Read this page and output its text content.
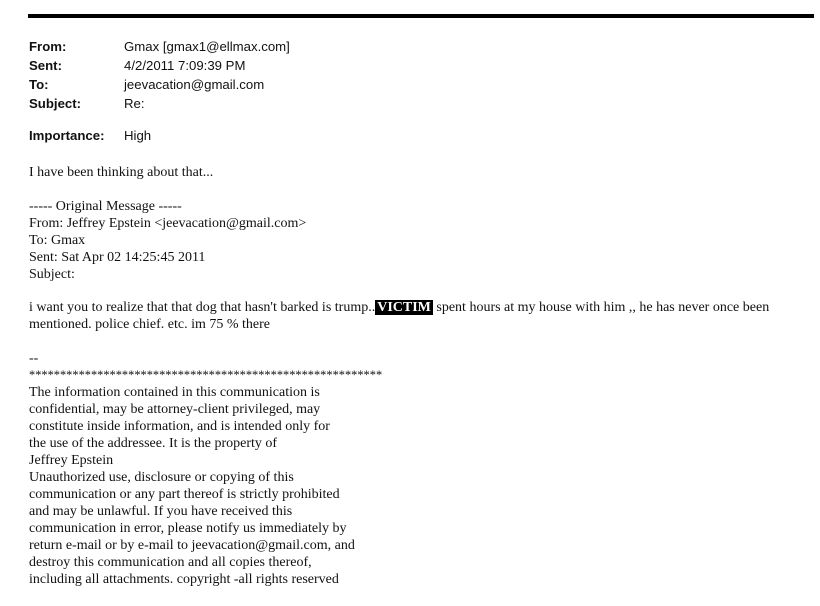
From:	Gmax [gmax1@ellmax.com]
Sent:	4/2/2011 7:09:39 PM
To:	jeevacation@gmail.com
Subject:	Re:
Importance: High
I have been thinking about that...
----- Original Message -----
From: Jeffrey Epstein <jeevacation@gmail.com>
To: Gmax
Sent: Sat Apr 02 14:25:45 2011
Subject:
i want you to realize that that dog that hasn't barked is trump.. VICTIM spent hours at my house with him ,, he has never once been
mentioned. police chief. etc. im 75 % there
--
*********************************************************
The information contained in this communication is
confidential, may be attorney-client privileged, may
constitute inside information, and is intended only for
the use of the addressee. It is the property of
Jeffrey Epstein
Unauthorized use, disclosure or copying of this
communication or any part thereof is strictly prohibited
and may be unlawful. If you have received this
communication in error, please notify us immediately by
return e-mail or by e-mail to jeevacation@gmail.com, and
destroy this communication and all copies thereof,
including all attachments. copyright -all rights reserved
